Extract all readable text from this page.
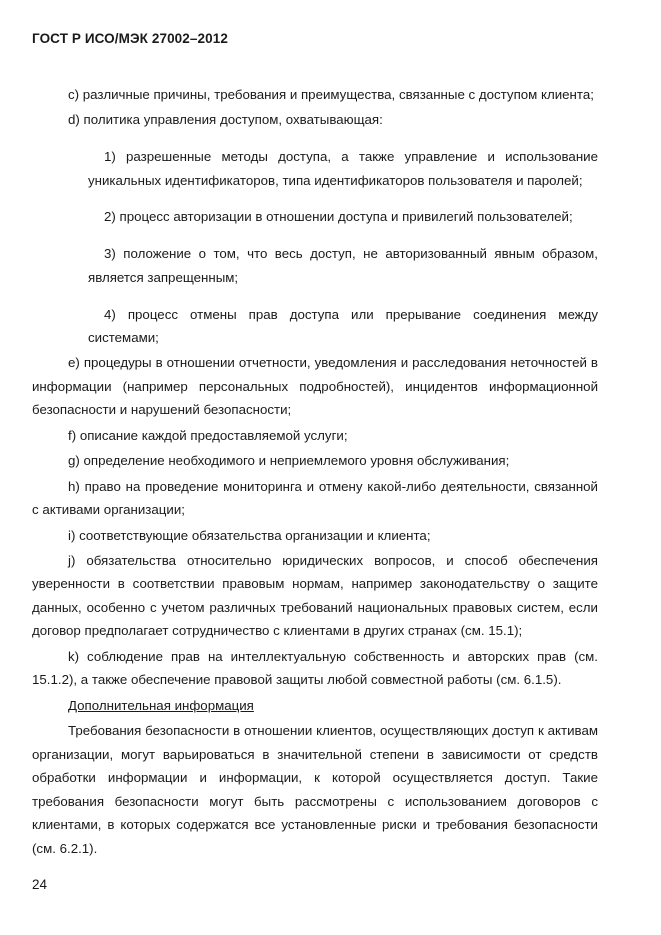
ГОСТ Р ИСО/МЭК 27002–2012

c) различные причины, требования и преимущества, связанные с доступом клиента;

d) политика управления доступом, охватывающая:

1) разрешенные методы доступа, а также управление и использование уникальных идентификаторов, типа идентификаторов пользователя и паролей;

2) процесс авторизации в отношении доступа и привилегий пользователей;

3) положение о том, что весь доступ, не авторизованный явным образом, является запрещенным;

4) процесс отмены прав доступа или прерывание соединения между системами;

e) процедуры в отношении отчетности, уведомления и расследования неточностей в информации (например персональных подробностей), инцидентов информационной безопасности и нарушений безопасности;

f) описание каждой предоставляемой услуги;

g) определение необходимого и неприемлемого уровня обслуживания;

h) право на проведение мониторинга и отмену какой-либо деятельности, связанной с активами организации;

i) соответствующие обязательства организации и клиента;

j) обязательства относительно юридических вопросов, и способ обеспечения уверенности в соответствии правовым нормам, например законодательству о защите данных, особенно с учетом различных требований национальных правовых систем, если договор предполагает сотрудничество с клиентами в других странах (см. 15.1);

k) соблюдение прав на интеллектуальную собственность и авторских прав (см. 15.1.2), а также обеспечение правовой защиты любой совместной работы (см. 6.1.5).

Дополнительная информация

Требования безопасности в отношении клиентов, осуществляющих доступ к активам организации, могут варьироваться в значительной степени в зависимости от средств обработки информации и информации, к которой осуществляется доступ. Такие требования безопасности могут быть рассмотрены с использованием договоров с клиентами, в которых содержатся все установленные риски и требования безопасности (см. 6.2.1).

24
